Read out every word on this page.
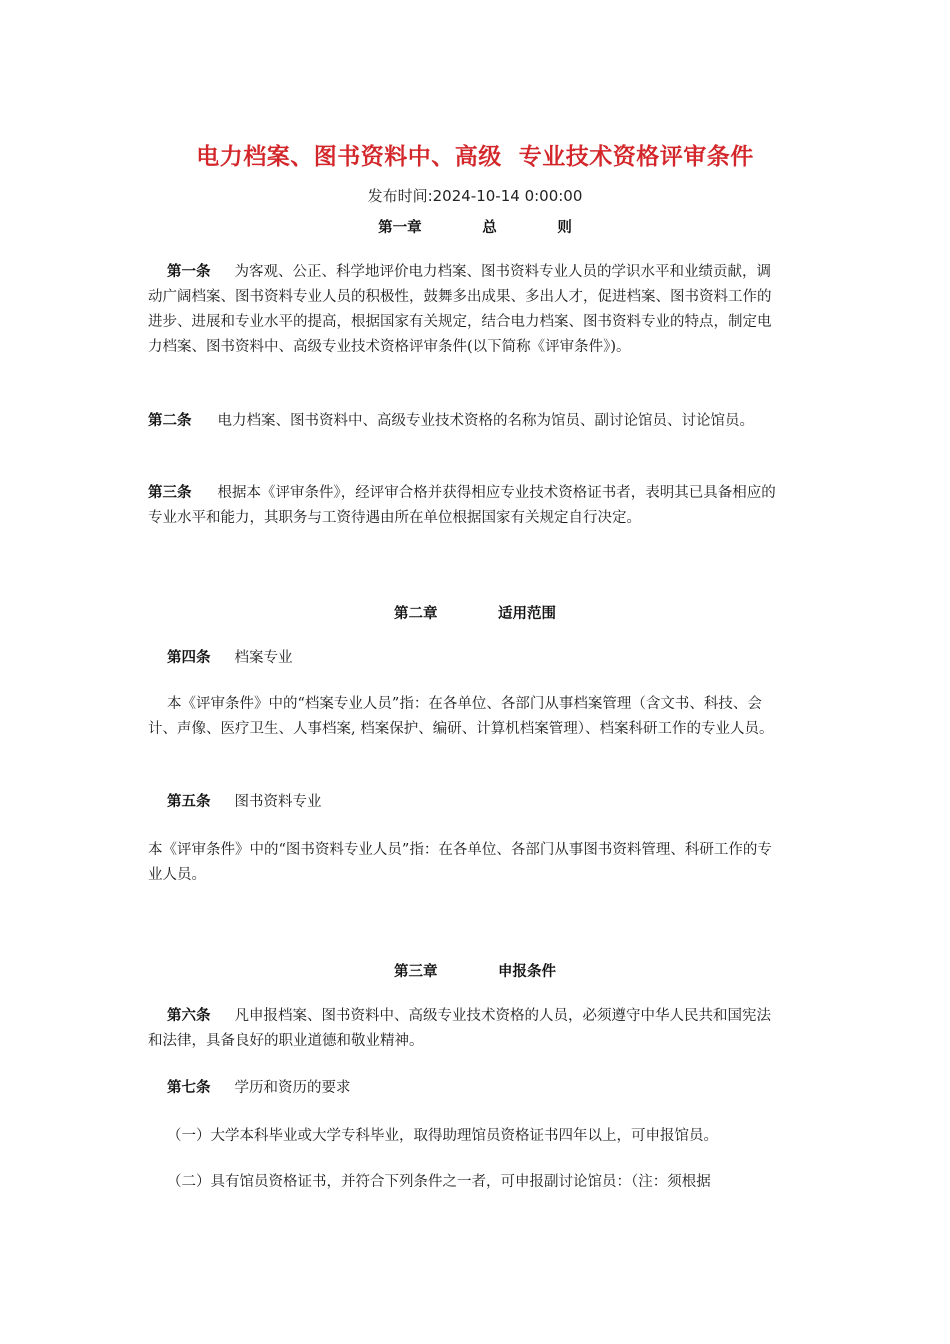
电力档案、图书资料中、高级  专业技术资格评审条件
发布时间:2024-10-14 0:00:00
第一章            总            则
第一条 为客观、公正、科学地评价电力档案、图书资料专业人员的学识水平和业绩贡献，调动广阔档案、图书资料专业人员的积极性，鼓舞多出成果、多出人才，促进档案、图书资料工作的进步、进展和专业水平的提高，根据国家有关规定，结合电力档案、图书资料专业的特点，制定电力档案、图书资料中、高级专业技术资格评审条件(以下简称《评审条件》)。
第二条 电力档案、图书资料中、高级专业技术资格的名称为馆员、副讨论馆员、讨论馆员。
第三条 根据本《评审条件》，经评审合格并获得相应专业技术资格证书者，表明其已具备相应的专业水平和能力，其职务与工资待遇由所在单位根据国家有关规定自行决定。
第二章            适用范围
第四条 档案专业
本《评审条件》中的“档案专业人员”指：在各单位、各部门从事档案管理（含文书、科技、会计、声像、医疗卫生、人事档案, 档案保护、编研、计算机档案管理）、档案科研工作的专业人员。
第五条 图书资料专业
本《评审条件》中的“图书资料专业人员”指：在各单位、各部门从事图书资料管理、科研工作的专业人员。
第三章            申报条件
第六条 凡申报档案、图书资料中、高级专业技术资格的人员，必须遵守中华人民共和国宪法和法律，具备良好的职业道德和敬业精神。
第七条 学历和资历的要求
（一）大学本科毕业或大学专科毕业，取得助理馆员资格证书四年以上，可申报馆员。
（二）具有馆员资格证书，并符合下列条件之一者，可申报副讨论馆员：（注：须根据
